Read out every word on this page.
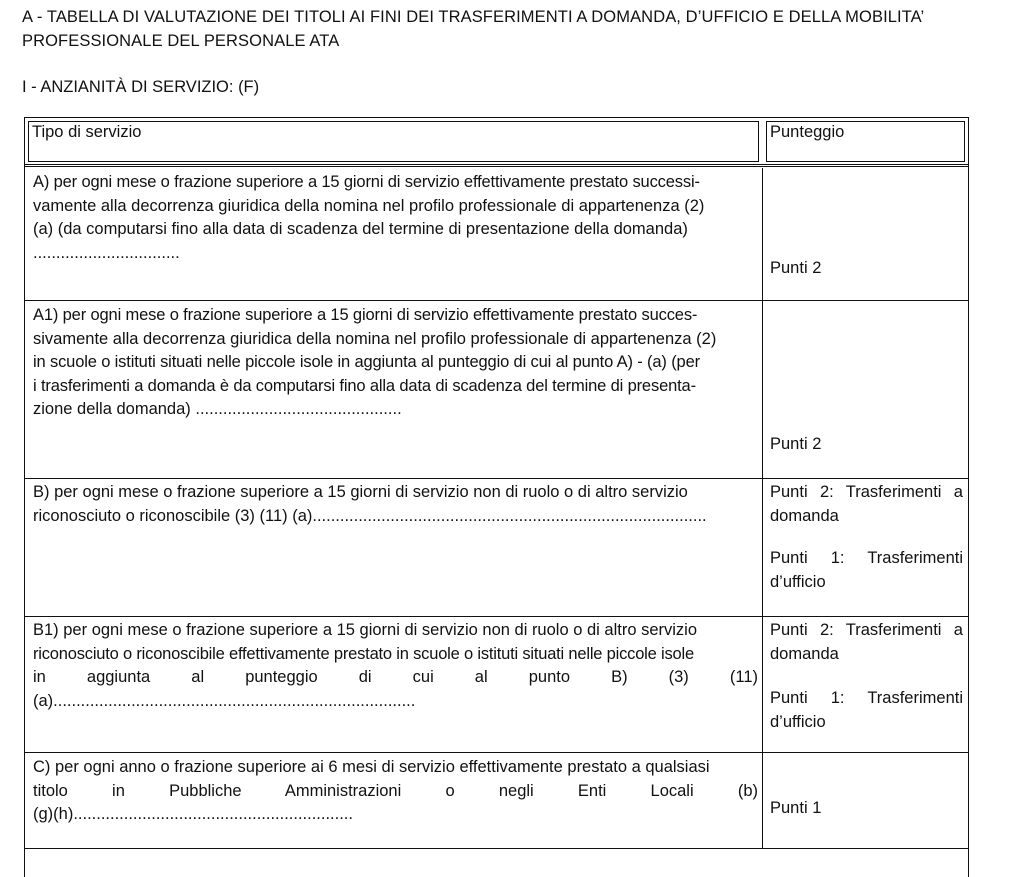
A - TABELLA DI VALUTAZIONE DEI TITOLI AI FINI DEI TRASFERIMENTI A DOMANDA, D’UFFICIO E DELLA MOBILITA’ PROFESSIONALE DEL PERSONALE ATA

I - ANZIANITÀ DI SERVIZIO: (F)

Tipo di servizio	Punteggio
A) per ogni mese o frazione superiore a 15 giorni di servizio effettivamente prestato successi-
vamente alla decorrenza giuridica della nomina nel profilo professionale di appartenenza (2)
(a) (da computarsi fino alla data di scadenza del termine di presentazione della domanda)
................................
Punti 2
A1) per ogni mese o frazione superiore a 15 giorni di servizio effettivamente prestato succes-
sivamente alla decorrenza giuridica della nomina nel profilo professionale di appartenenza (2)
in scuole o istituti situati nelle piccole isole in aggiunta al punteggio di cui al punto A) - (a) (per
i trasferimenti a domanda è da computarsi fino alla data di scadenza del termine di presenta-
zione della domanda) .............................................
Punti 2
B) per ogni mese o frazione superiore a 15 giorni di servizio non di ruolo o di altro servizio
riconosciuto o riconoscibile (3) (11) (a)......................................................................................
Punti 2: Trasferimenti a
domanda
Punti 1: Trasferimenti
d’ufficio
B1) per ogni mese o frazione superiore a 15 giorni di servizio non di ruolo o di altro servizio
riconosciuto o riconoscibile effettivamente prestato in scuole o istituti situati nelle piccole isole
in aggiunta al punteggio di cui al punto B) (3) (11)
(a)...............................................................................
Punti 2: Trasferimenti a
domanda
Punti 1: Trasferimenti
d’ufficio
C) per ogni anno o frazione superiore ai 6 mesi di servizio effettivamente prestato a qualsiasi
titolo in Pubbliche Amministrazioni o negli Enti Locali (b)
(g)(h).............................................................	Punti 1
